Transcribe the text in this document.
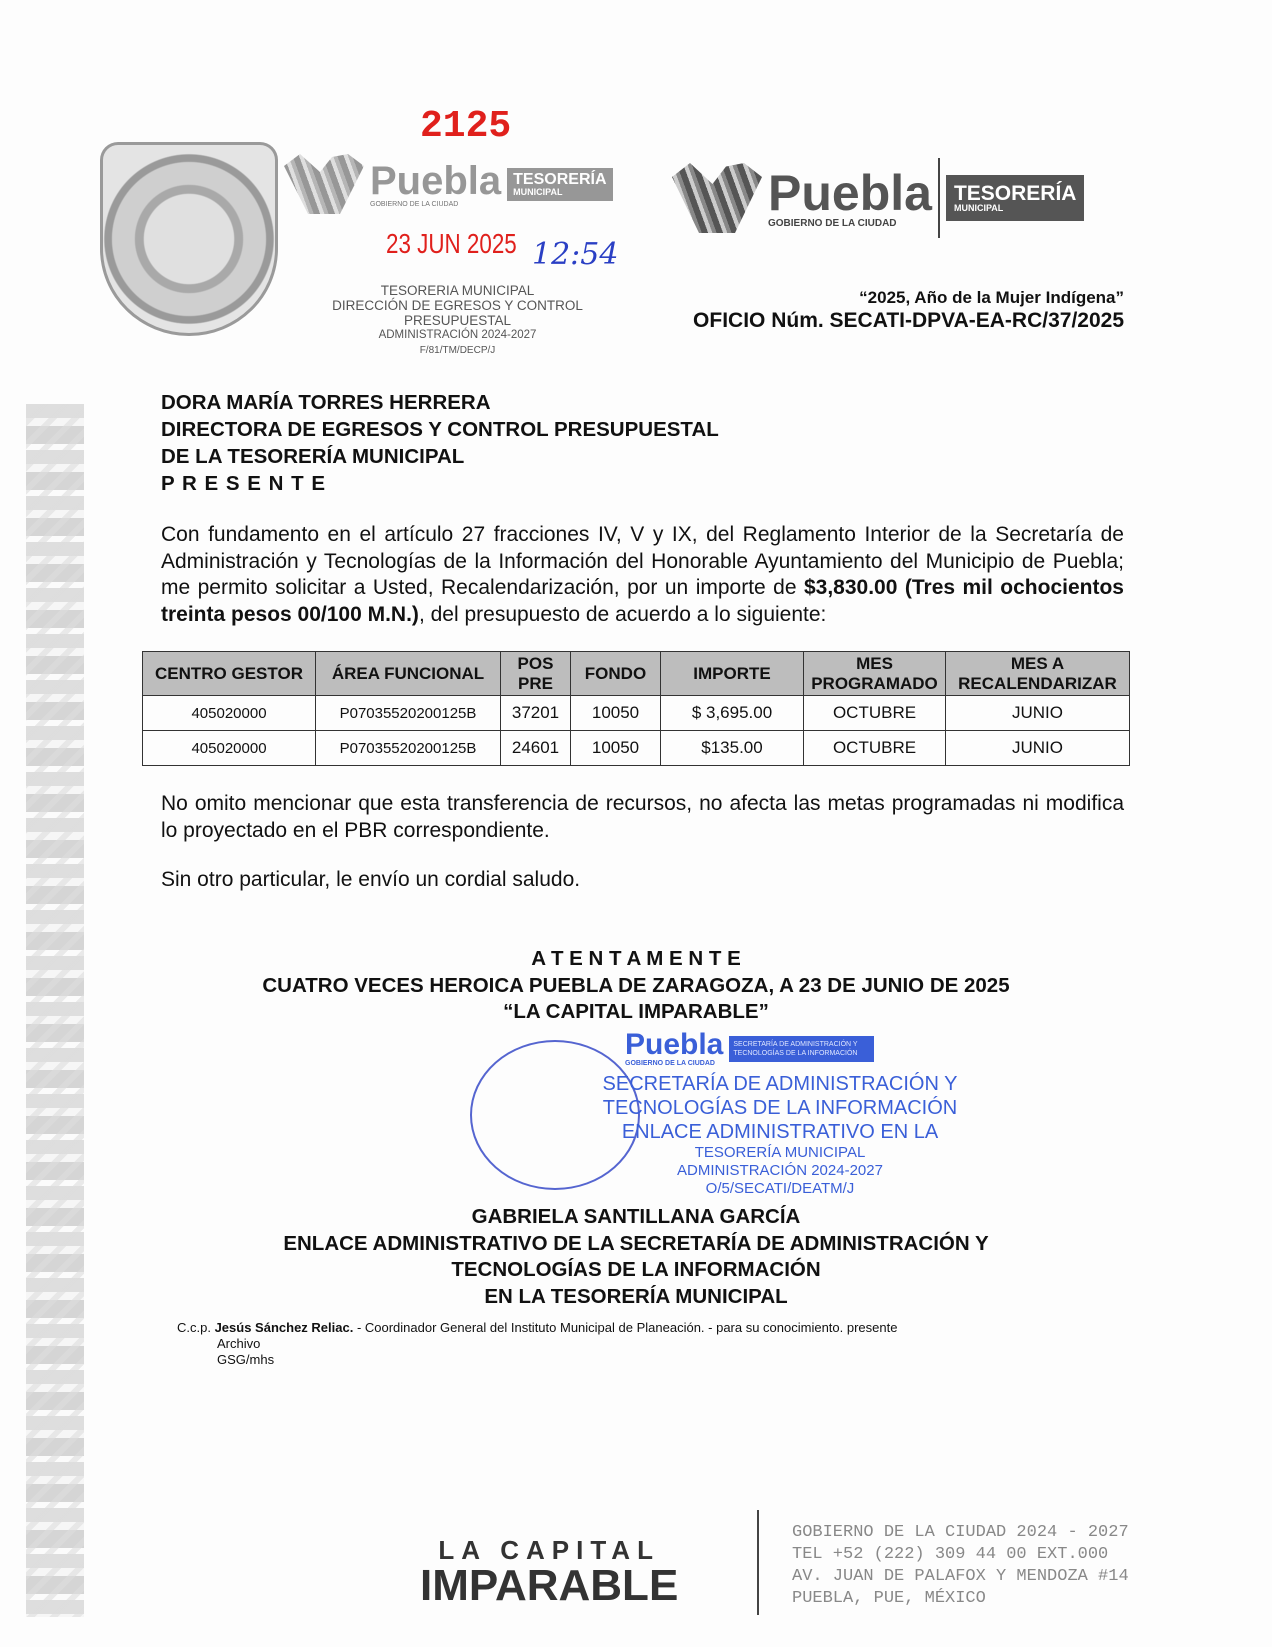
2125
Puebla
GOBIERNO DE LA CIUDAD
TESORERÍA
MUNICIPAL
23 JUN 2025 12:54
TESORERIA MUNICIPAL
DIRECCIÓN DE EGRESOS Y CONTROL
PRESUPUESTAL
ADMINISTRACIÓN 2024-2027
F/81/TM/DECP/J
Puebla
GOBIERNO DE LA CIUDAD
TESORERÍA
MUNICIPAL
“2025, Año de la Mujer Indígena”
OFICIO Núm. SECATI-DPVA-EA-RC/37/2025
DORA MARÍA TORRES HERRERA
DIRECTORA DE EGRESOS Y CONTROL PRESUPUESTAL
DE LA TESORERÍA MUNICIPAL
P R E S E N T E
Con fundamento en el artículo 27 fracciones IV, V y IX, del Reglamento Interior de la Secretaría de Administración y Tecnologías de la Información del Honorable Ayuntamiento del Municipio de Puebla; me permito solicitar a Usted, Recalendarización, por un importe de $3,830.00 (Tres mil ochocientos treinta pesos 00/100 M.N.), del presupuesto de acuerdo a lo siguiente:
CENTRO GESTOR	ÁREA FUNCIONAL	POS PRE	FONDO	IMPORTE	MES PROGRAMADO	MES A RECALENDARIZAR
405020000	P07035520200125B	37201	10050	$ 3,695.00	OCTUBRE	JUNIO
405020000	P07035520200125B	24601	10050	$135.00	OCTUBRE	JUNIO
No omito mencionar que esta transferencia de recursos, no afecta las metas programadas ni modifica lo proyectado en el PBR correspondiente.
Sin otro particular, le envío un cordial saludo.
A T E N T A M E N T E
CUATRO VECES HEROICA PUEBLA DE ZARAGOZA, A 23 DE JUNIO DE 2025
“LA CAPITAL IMPARABLE”
Puebla
GOBIERNO DE LA CIUDAD
SECRETARÍA DE ADMINISTRACIÓN Y TECNOLOGÍAS DE LA INFORMACIÓN
SECRETARÍA DE ADMINISTRACIÓN Y
TECNOLOGÍAS DE LA INFORMACIÓN
ENLACE ADMINISTRATIVO EN LA
TESORERÍA MUNICIPAL
ADMINISTRACIÓN 2024-2027
O/5/SECATI/DEATM/J
GABRIELA SANTILLANA GARCÍA
ENLACE ADMINISTRATIVO DE LA SECRETARÍA DE ADMINISTRACIÓN Y
TECNOLOGÍAS DE LA INFORMACIÓN
EN LA TESORERÍA MUNICIPAL
C.c.p. Jesús Sánchez Reliac. - Coordinador General del Instituto Municipal de Planeación. - para su conocimiento. presente
Archivo
GSG/mhs
LA CAPITAL
IMPARABLE
GOBIERNO DE LA CIUDAD 2024 - 2027
TEL +52 (222) 309 44 00 EXT.000
AV. JUAN DE PALAFOX Y MENDOZA #14
PUEBLA, PUE, MÉXICO
